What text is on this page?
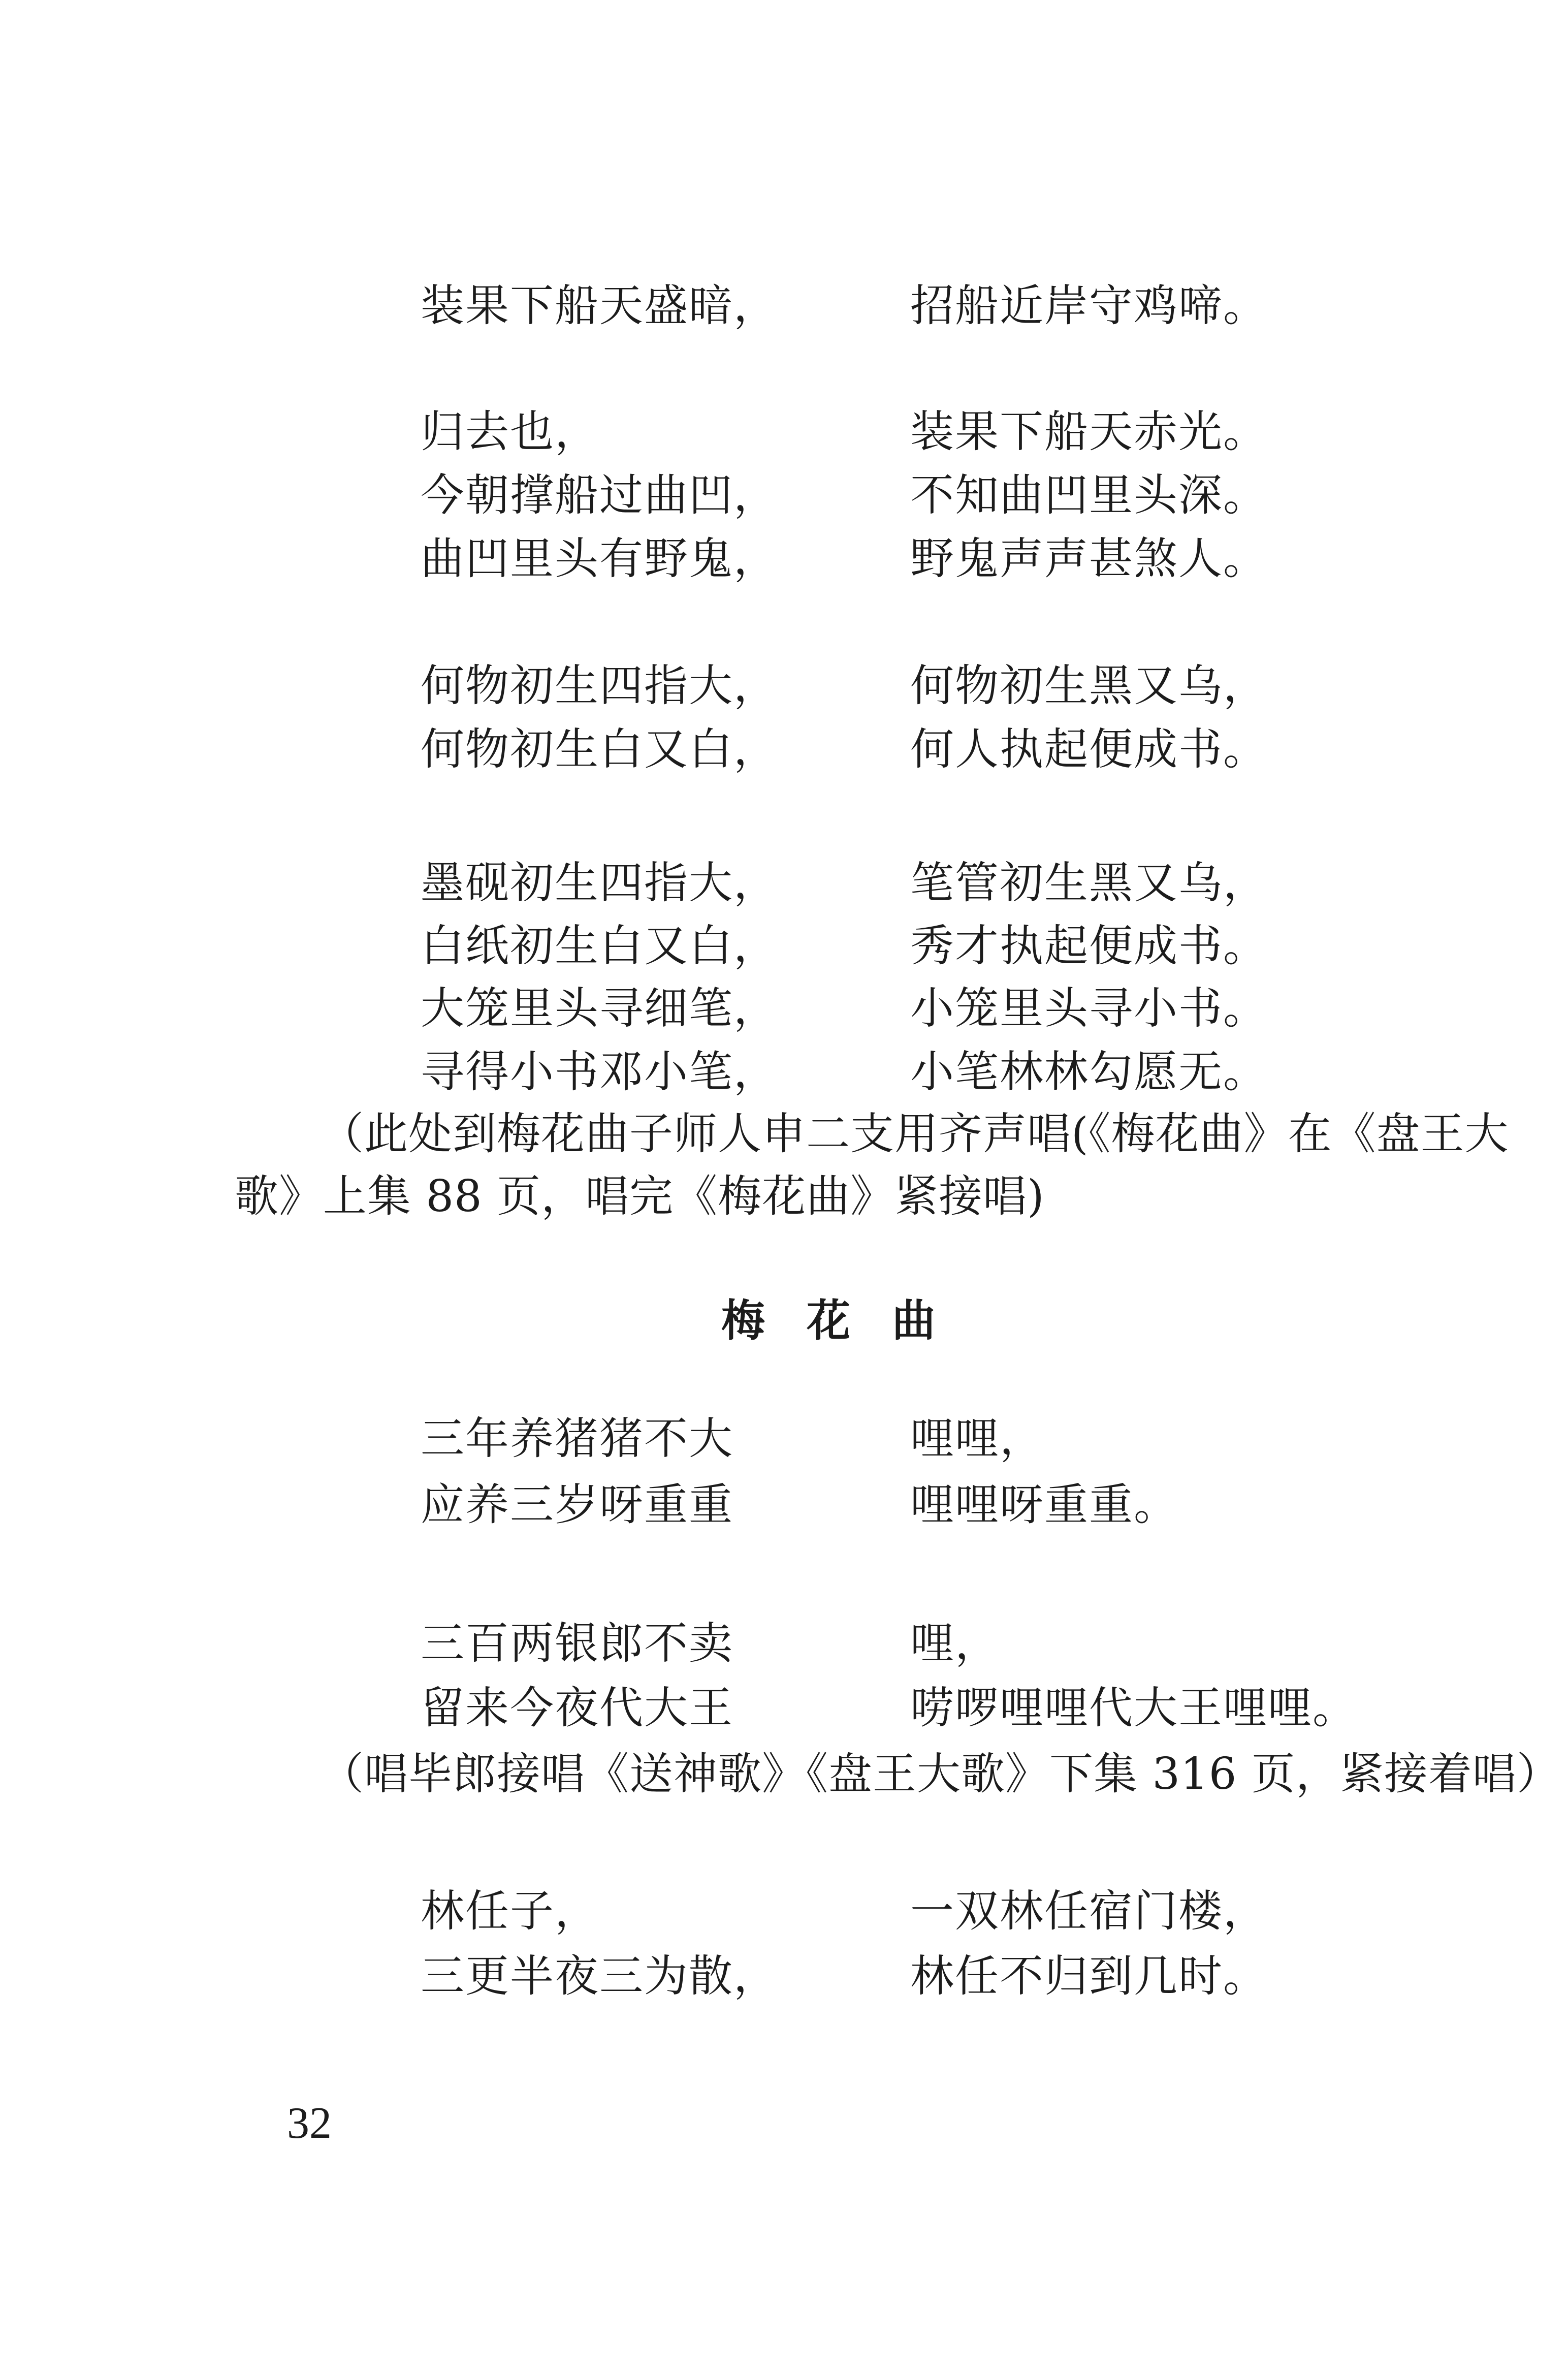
装果下船天盛暗，	招船近岸守鸡啼。
归去也，	装果下船天赤光。
今朝撑船过曲凹，	不知曲凹里头深。
曲凹里头有野鬼，	野鬼声声甚煞人。
何物初生四指大，	何物初生黑又乌，
何物初生白又白，	何人执起便成书。
墨砚初生四指大，	笔管初生黑又乌，
白纸初生白又白，	秀才执起便成书。
大笼里头寻细笔，	小笼里头寻小书。
寻得小书邓小笔，	小笔林林勾愿无。
（此处到梅花曲子师人申二支用齐声唱(《梅花曲》在《盘王大
歌》上集 88 页，唱完《梅花曲》紧接唱)
梅 花 曲
三年养猪猪不大	哩哩，
应养三岁呀重重	哩哩呀重重。
三百两银郎不卖	哩，
留来今夜代大王	唠啰哩哩代大王哩哩。
（唱毕郎接唱《送神歌》《盘王大歌》下集 316 页，紧接着唱）
林任子，	一双林任宿门楼，
三更半夜三为散，	林任不归到几时。
32
